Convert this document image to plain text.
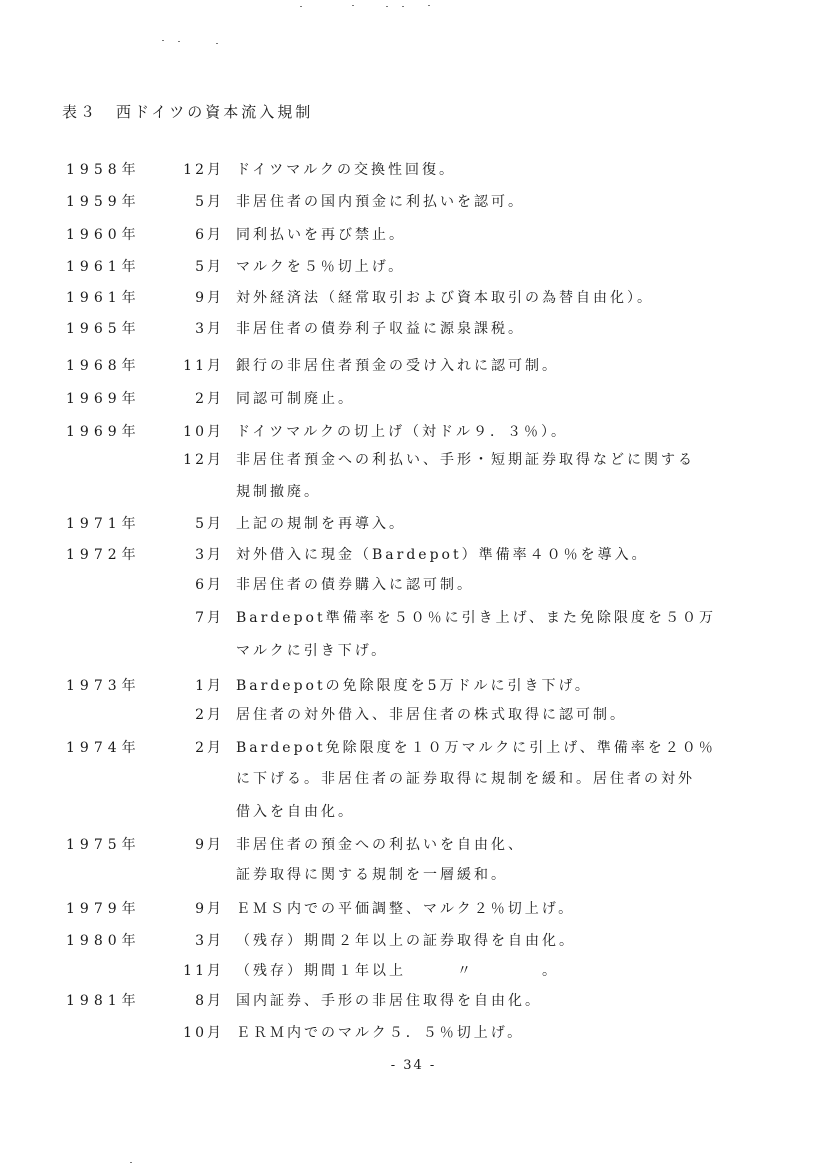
表３　西ドイツの資本流入規制
1958年	12月 ドイツマルクの交換性回復。
1959年	5月 非居住者の国内預金に利払いを認可。
1960年	6月 同利払いを再び禁止。
1961年	5月 マルクを５％切上げ。
1961年	9月 対外経済法（経常取引および資本取引の為替自由化）。
1965年	3月 非居住者の債券利子収益に源泉課税。
1968年	11月 銀行の非居住者預金の受け入れに認可制。
1969年	2月 同認可制廃止。
1969年	10月 ドイツマルクの切上げ（対ドル９．３％）。
12月 非居住者預金への利払い、手形・短期証券取得などに関する
規制撤廃。
1971年	5月 上記の規制を再導入。
1972年	3月 対外借入に現金（Bardepot）準備率４０％を導入。
6月 非居住者の債券購入に認可制。
7月 Bardepot準備率を５０％に引き上げ、また免除限度を５０万
マルクに引き下げ。
1973年	1月 Bardepotの免除限度を5万ドルに引き下げ。
2月 居住者の対外借入、非居住者の株式取得に認可制。
1974年	2月 Bardepot免除限度を１０万マルクに引上げ、準備率を２０％
に下げる。非居住者の証券取得に規制を緩和。居住者の対外
借入を自由化。
1975年	9月 非居住者の預金への利払いを自由化、
証券取得に関する規制を一層緩和。
1979年	9月 ＥＭＳ内での平価調整、マルク２％切上げ。
1980年	3月 （残存）期間２年以上の証券取得を自由化。
11月 （残存）期間１年以上　　　〃　　　　。
1981年	8月 国内証券、手形の非居住取得を自由化。
10月 ＥＲＭ内でのマルク５．５％切上げ。
- 34 -
